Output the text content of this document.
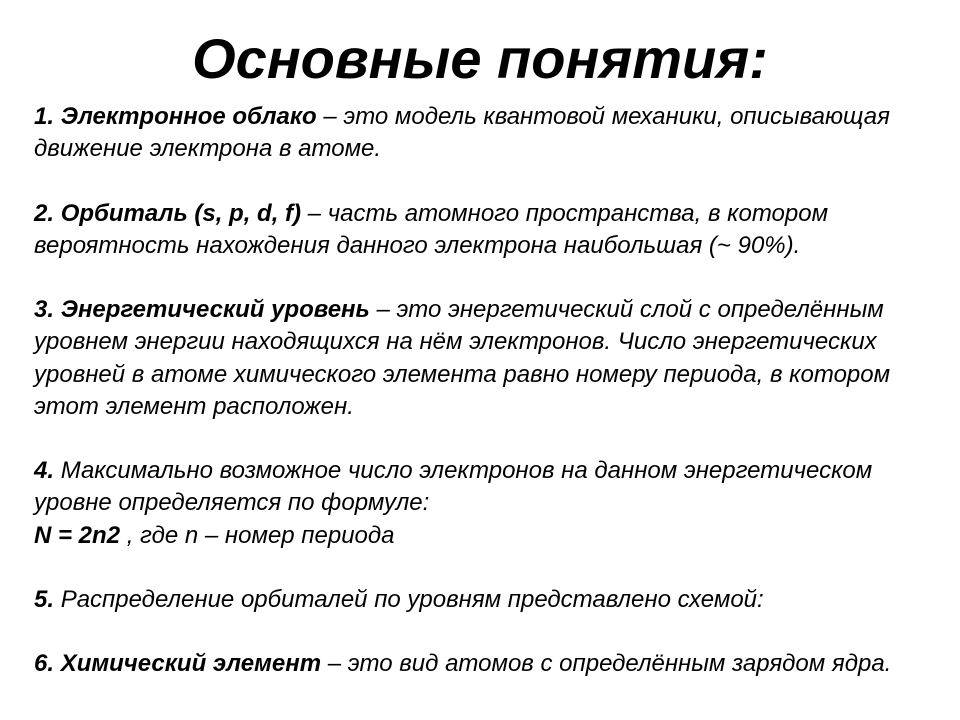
Основные понятия:

1. Электронное облако – это модель квантовой механики, описывающая движение электрона в атоме.

2. Орбиталь (s, p, d, f) – часть атомного пространства, в котором вероятность нахождения данного электрона наибольшая (~ 90%).

3. Энергетический уровень – это энергетический слой с определённым уровнем энергии находящихся на нём электронов. Число энергетических уровней в атоме химического элемента равно номеру периода, в котором этот элемент расположен.

4. Максимально возможное число электронов на данном энергетическом уровне определяется по формуле:
N = 2n2 , где n – номер периода

5. Распределение орбиталей по уровням представлено схемой:

6. Химический элемент – это вид атомов с определённым зарядом ядра.
